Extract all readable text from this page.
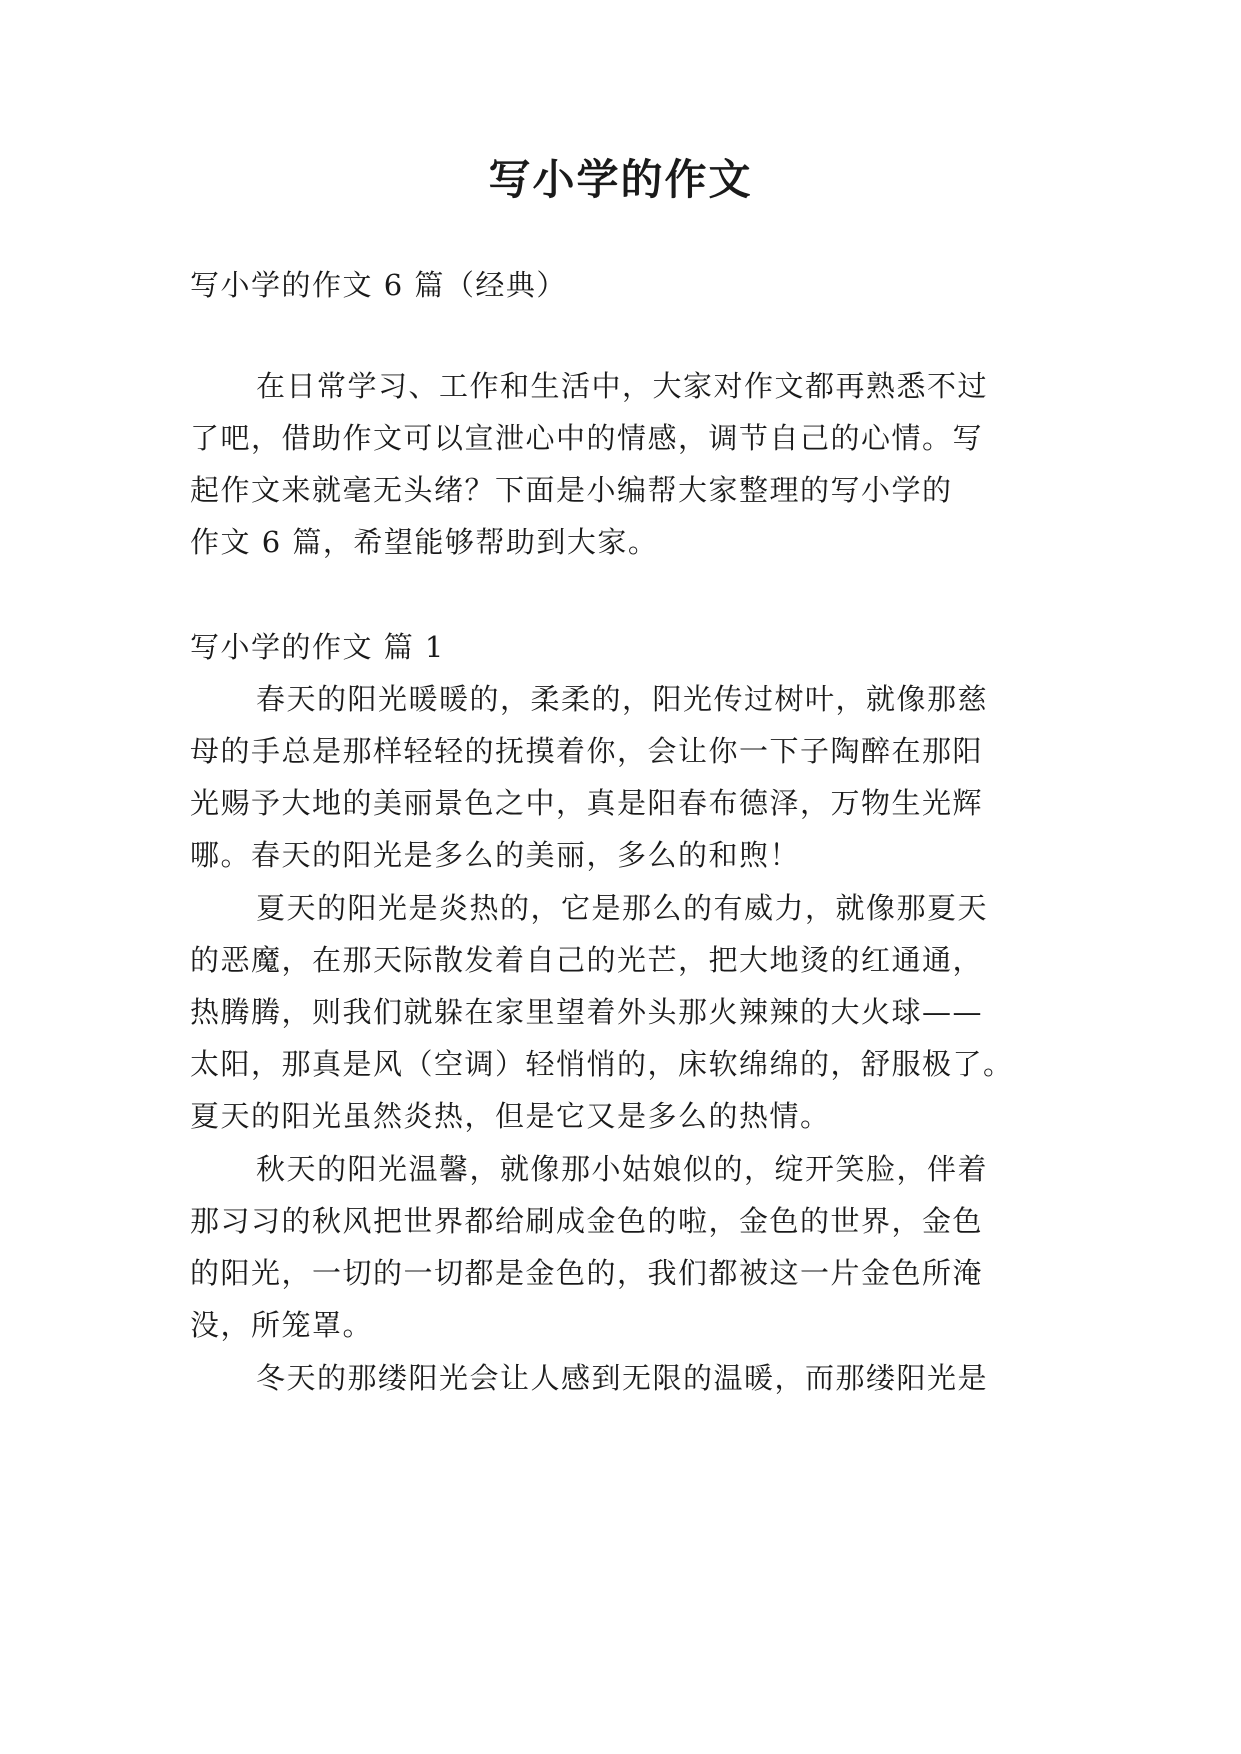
写小学的作文
写小学的作文 6 篇（经典）
在日常学习、工作和生活中，大家对作文都再熟悉不过
了吧，借助作文可以宣泄心中的情感，调节自己的心情。写
起作文来就毫无头绪？下面是小编帮大家整理的写小学的
作文 6 篇，希望能够帮助到大家。
写小学的作文 篇 1
春天的阳光暖暖的，柔柔的，阳光传过树叶，就像那慈
母的手总是那样轻轻的抚摸着你，会让你一下子陶醉在那阳
光赐予大地的美丽景色之中，真是阳春布德泽，万物生光辉
哪。春天的阳光是多么的美丽，多么的和煦！
夏天的阳光是炎热的，它是那么的有威力，就像那夏天
的恶魔，在那天际散发着自己的光芒，把大地烫的红通通，
热腾腾，则我们就躲在家里望着外头那火辣辣的大火球——
太阳，那真是风（空调）轻悄悄的，床软绵绵的，舒服极了。
夏天的阳光虽然炎热，但是它又是多么的热情。
秋天的阳光温馨，就像那小姑娘似的，绽开笑脸，伴着
那习习的秋风把世界都给刷成金色的啦，金色的世界，金色
的阳光，一切的一切都是金色的，我们都被这一片金色所淹
没，所笼罩。
冬天的那缕阳光会让人感到无限的温暖，而那缕阳光是
